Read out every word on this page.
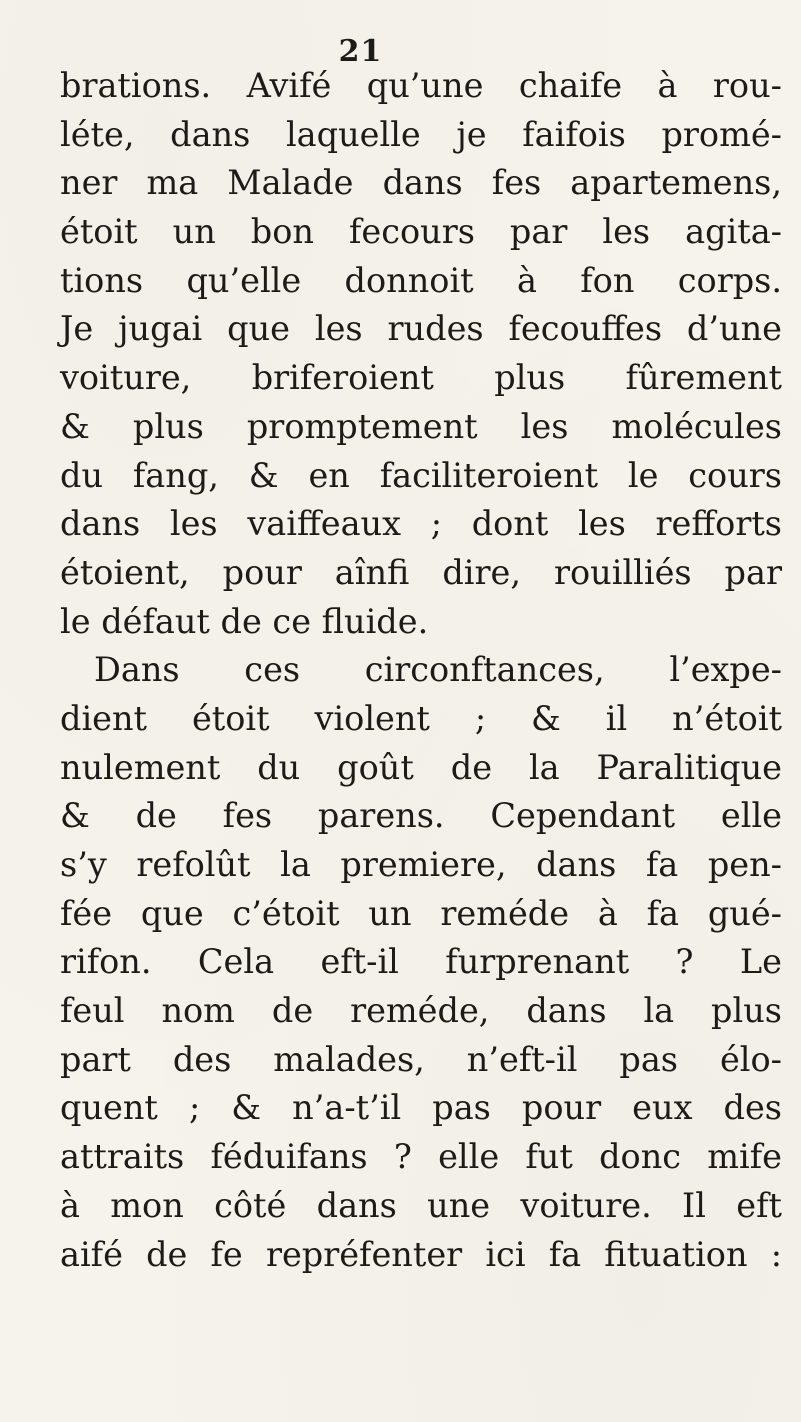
21
brations. Avifé qu’une chaife à rou-
léte, dans laquelle je faifois promé-
ner ma Malade dans fes apartemens,
étoit un bon fecours par les agita-
tions qu’elle donnoit à fon corps.
Je jugai que les rudes fecouffes d’une
voiture, briferoient plus fûrement
& plus promptement les molécules
du fang, & en faciliteroient le cours
dans les vaiffeaux ; dont les refforts
étoient, pour aînfi dire, rouilliés par
le défaut de ce fluide.
Dans ces circonftances, l’expe-
dient étoit violent ; & il n’étoit
nulement du goût de la Paralitique
& de fes parens. Cependant elle
s’y refolût la premiere, dans fa pen-
fée que c’étoit un reméde à fa gué-
rifon. Cela eft-il furprenant ? Le
feul nom de reméde, dans la plus
part des malades, n’eft-il pas élo-
quent ; & n’a-t’il pas pour eux des
attraits féduifans ? elle fut donc mife
à mon côté dans une voiture. Il eft
aifé de fe repréfenter ici fa fituation :
